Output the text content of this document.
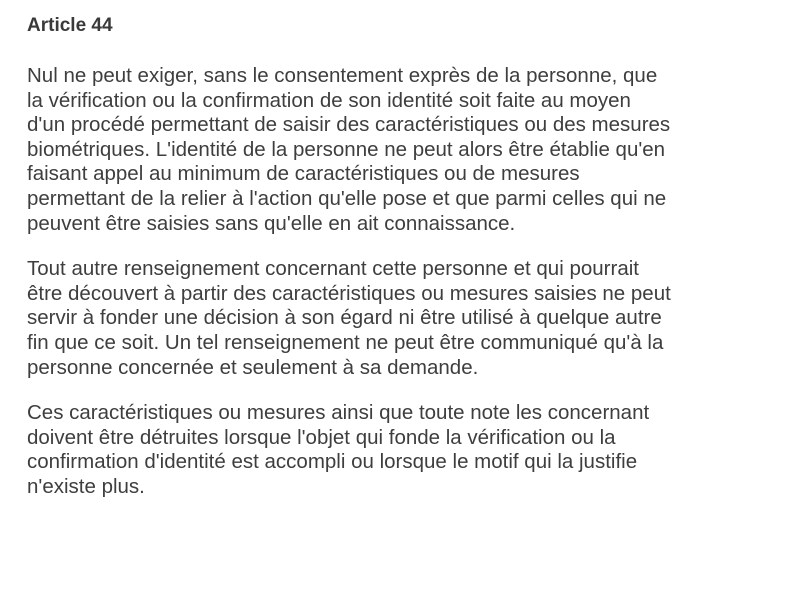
Article 44

Nul ne peut exiger, sans le consentement exprès de la personne, que
la vérification ou la confirmation de son identité soit faite au moyen
d'un procédé permettant de saisir des caractéristiques ou des mesures
biométriques. L'identité de la personne ne peut alors être établie qu'en
faisant appel au minimum de caractéristiques ou de mesures
permettant de la relier à l'action qu'elle pose et que parmi celles qui ne
peuvent être saisies sans qu'elle en ait connaissance.

Tout autre renseignement concernant cette personne et qui pourrait
être découvert à partir des caractéristiques ou mesures saisies ne peut
servir à fonder une décision à son égard ni être utilisé à quelque autre
fin que ce soit. Un tel renseignement ne peut être communiqué qu'à la
personne concernée et seulement à sa demande.

Ces caractéristiques ou mesures ainsi que toute note les concernant
doivent être détruites lorsque l'objet qui fonde la vérification ou la
confirmation d'identité est accompli ou lorsque le motif qui la justifie
n'existe plus.
